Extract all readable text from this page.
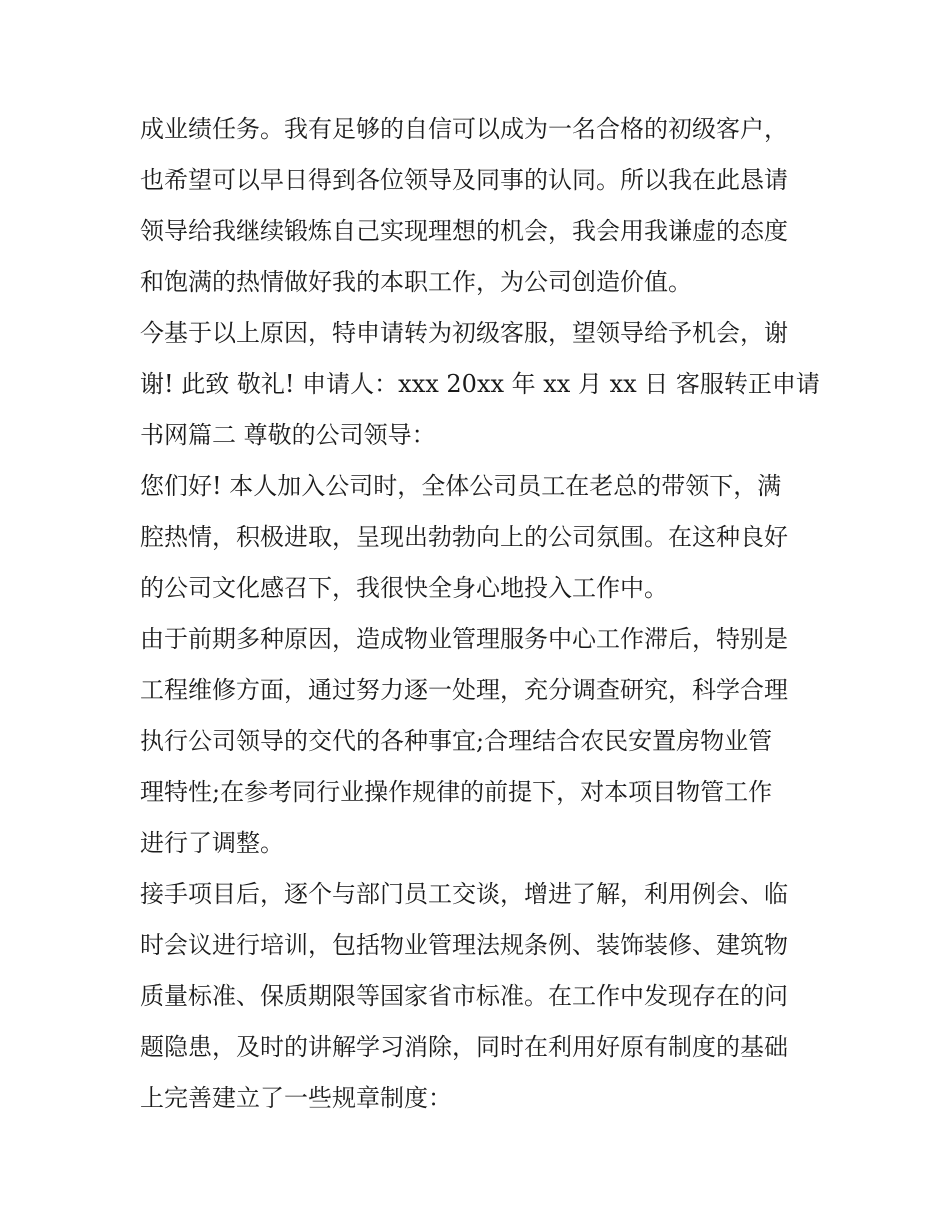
成业绩任务。我有足够的自信可以成为一名合格的初级客户，
也希望可以早日得到各位领导及同事的认同。所以我在此恳请
领导给我继续锻炼自己实现理想的机会，我会用我谦虚的态度
和饱满的热情做好我的本职工作，为公司创造价值。
今基于以上原因，特申请转为初级客服，望领导给予机会，谢
谢! 此致 敬礼! 申请人：xxx 20xx 年 xx 月 xx 日 客服转正申请
书网篇二 尊敬的公司领导：
您们好! 本人加入公司时，全体公司员工在老总的带领下，满
腔热情，积极进取，呈现出勃勃向上的公司氛围。在这种良好
的公司文化感召下，我很快全身心地投入工作中。
由于前期多种原因，造成物业管理服务中心工作滞后，特别是
工程维修方面，通过努力逐一处理，充分调查研究，科学合理
执行公司领导的交代的各种事宜;合理结合农民安置房物业管
理特性;在参考同行业操作规律的前提下，对本项目物管工作
进行了调整。
接手项目后，逐个与部门员工交谈，增进了解，利用例会、临
时会议进行培训，包括物业管理法规条例、装饰装修、建筑物
质量标准、保质期限等国家省市标准。在工作中发现存在的问
题隐患，及时的讲解学习消除，同时在利用好原有制度的基础
上完善建立了一些规章制度：
